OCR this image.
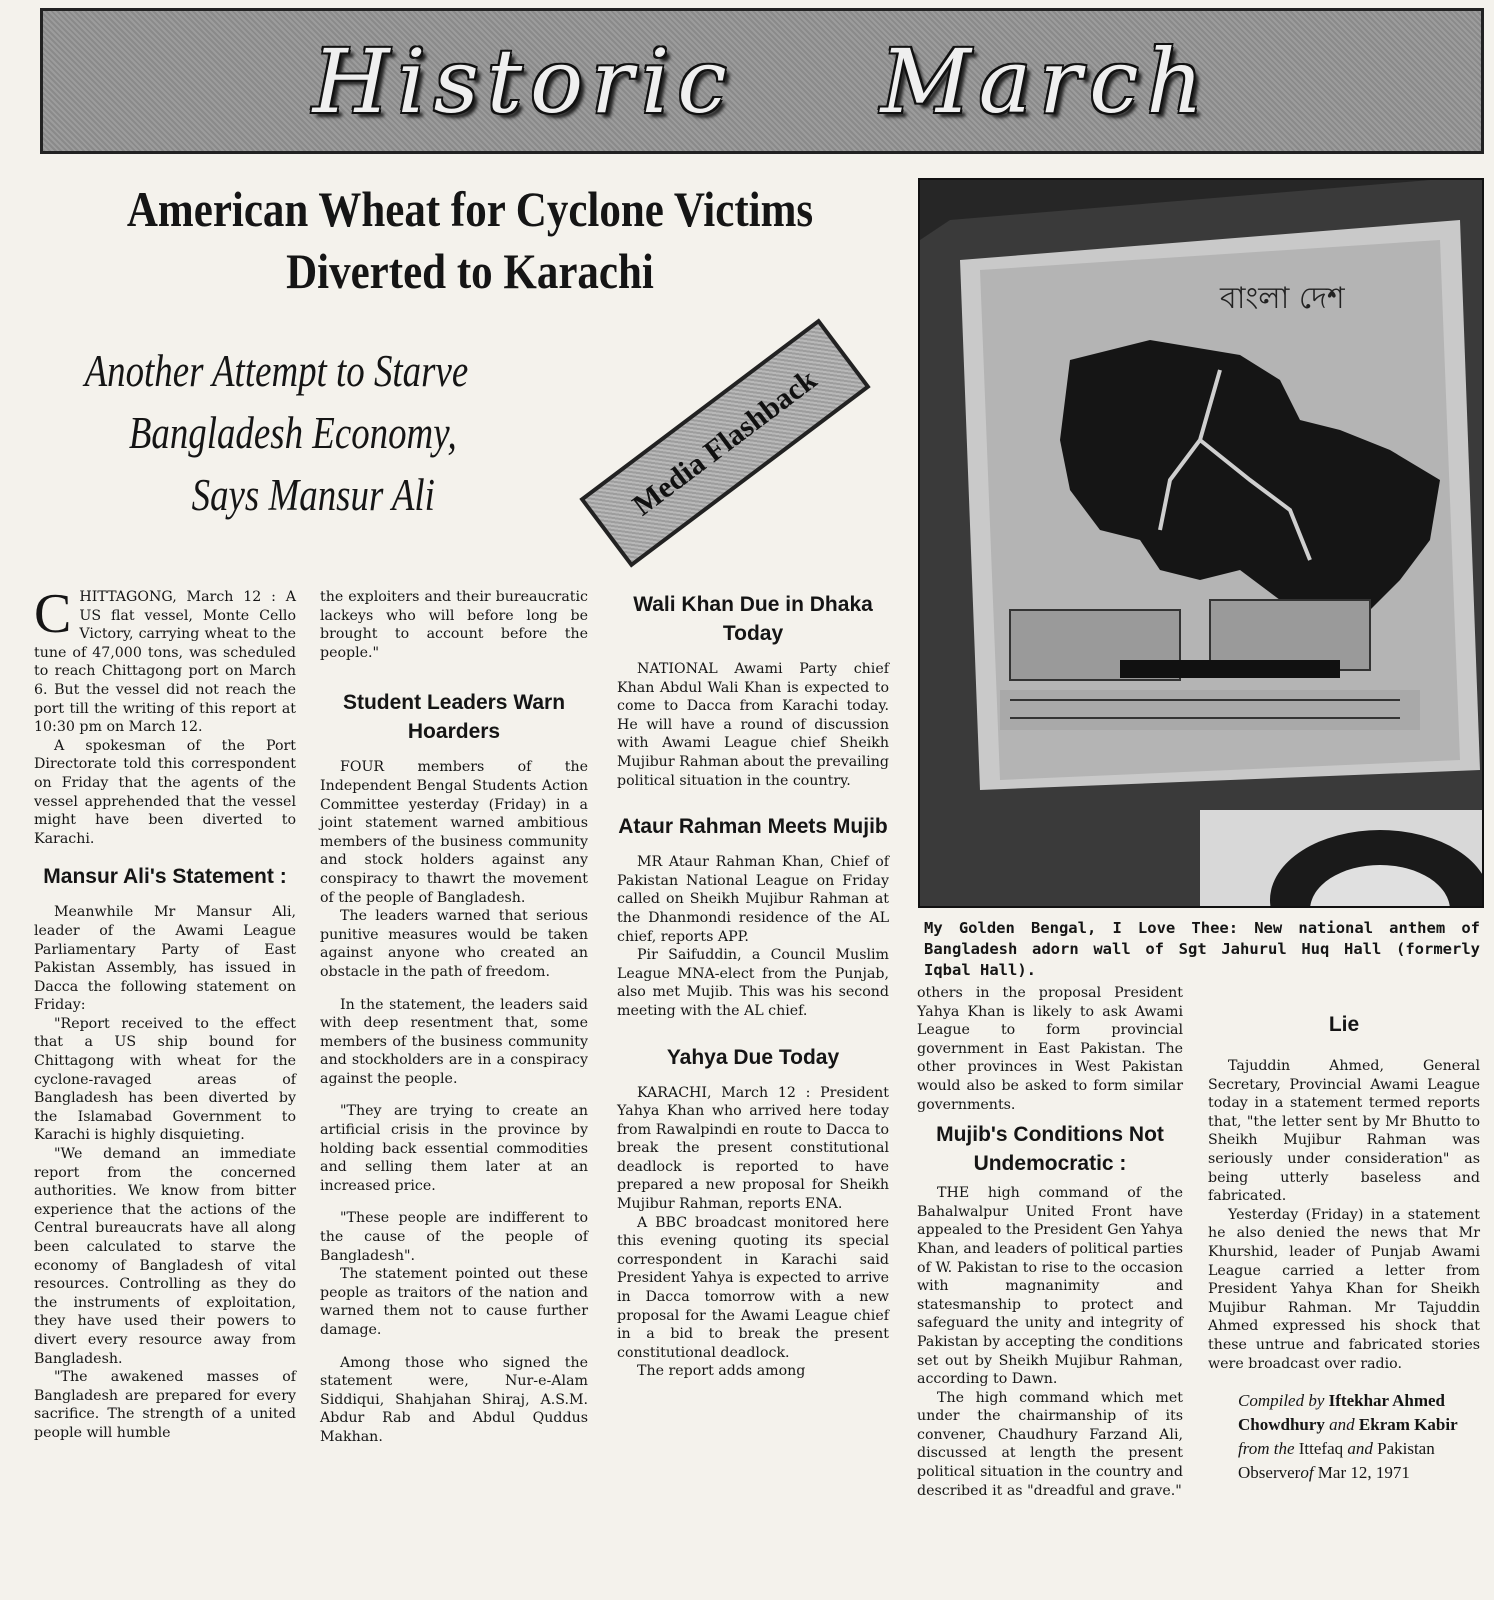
Historic March
American Wheat for Cyclone Victims
Diverted to Karachi
Another Attempt to Starve
Bangladesh Economy,
Says Mansur Ali	Media Flashback
বাংলা দেশ
My Golden Bengal, I Love Thee: New national anthem of Bangladesh adorn wall of Sgt Jahurul Huq Hall (formerly Iqbal Hall).

CHITTAGONG, March 12 : A US flat vessel, Monte Cello Victory, carrying wheat to the tune of 47,000 tons, was scheduled to reach Chittagong port on March 6. But the vessel did not reach the port till the writing of this report at 10:30 pm on March 12.

A spokesman of the Port Directorate told this correspondent on Friday that the agents of the vessel apprehended that the vessel might have been diverted to Karachi.

Mansur Ali's Statement :

Meanwhile Mr Mansur Ali, leader of the Awami League Parliamentary Party of East Pakistan Assembly, has issued in Dacca the following statement on Friday:

"Report received to the effect that a US ship bound for Chittagong with wheat for the cyclone-ravaged areas of Bangladesh has been diverted by the Islamabad Government to Karachi is highly disquieting.

"We demand an immediate report from the concerned authorities. We know from bitter experience that the actions of the Central bureaucrats have all along been calculated to starve the economy of Bangladesh of vital resources. Controlling as they do the instruments of exploitation, they have used their powers to divert every resource away from Bangladesh.

"The awakened masses of Bangladesh are prepared for every sacrifice. The strength of a united people will humble

the exploiters and their bureaucratic lackeys who will before long be brought to account before the people."

Student Leaders Warn Hoarders

FOUR members of the Independent Bengal Students Action Committee yesterday (Friday) in a joint statement warned ambitious members of the business community and stock holders against any conspiracy to thawrt the movement of the people of Bangladesh.

The leaders warned that serious punitive measures would be taken against anyone who created an obstacle in the path of freedom.

In the statement, the leaders said with deep resentment that, some members of the business community and stockholders are in a conspiracy against the people.

"They are trying to create an artificial crisis in the province by holding back essential commodities and selling them later at an increased price.

"These people are indifferent to the cause of the people of Bangladesh".

The statement pointed out these people as traitors of the nation and warned them not to cause further damage.

Among those who signed the statement were, Nur-e-Alam Siddiqui, Shahjahan Shiraj, A.S.M. Abdur Rab and Abdul Quddus Makhan.

Wali Khan Due in Dhaka Today

NATIONAL Awami Party chief Khan Abdul Wali Khan is expected to come to Dacca from Karachi today. He will have a round of discussion with Awami League chief Sheikh Mujibur Rahman about the prevailing political situation in the country.

Ataur Rahman Meets Mujib

MR Ataur Rahman Khan, Chief of Pakistan National League on Friday called on Sheikh Mujibur Rahman at the Dhanmondi residence of the AL chief, reports APP.

Pir Saifuddin, a Council Muslim League MNA-elect from the Punjab, also met Mujib. This was his second meeting with the AL chief.

Yahya Due Today

KARACHI, March 12 : President Yahya Khan who arrived here today from Rawalpindi en route to Dacca to break the present constitutional deadlock is reported to have prepared a new proposal for Sheikh Mujibur Rahman, reports ENA.

A BBC broadcast monitored here this evening quoting its special correspondent in Karachi said President Yahya is expected to arrive in Dacca tomorrow with a new proposal for the Awami League chief in a bid to break the present constitutional deadlock.

The report adds among

others in the proposal President Yahya Khan is likely to ask Awami League to form provincial government in East Pakistan. The other provinces in West Pakistan would also be asked to form similar governments.

Mujib's Conditions Not Undemocratic :

THE high command of the Bahalwalpur United Front have appealed to the President Gen Yahya Khan, and leaders of political parties of W. Pakistan to rise to the occasion with magnanimity and statesmanship to protect and safeguard the unity and integrity of Pakistan by accepting the conditions set out by Sheikh Mujibur Rahman, according to Dawn.

The high command which met under the chairmanship of its convener, Chaudhury Farzand Ali, discussed at length the present political situation in the country and described it as "dreadful and grave."

Lie

Tajuddin Ahmed, General Secretary, Provincial Awami League today in a statement termed reports that, "the letter sent by Mr Bhutto to Sheikh Mujibur Rahman was seriously under consideration" as being utterly baseless and fabricated.

Yesterday (Friday) in a statement he also denied the news that Mr Khurshid, leader of Punjab Awami League carried a letter from President Yahya Khan for Sheikh Mujibur Rahman. Mr Tajuddin Ahmed expressed his shock that these untrue and fabricated stories were broadcast over radio.

Compiled by Iftekhar Ahmed Chowdhury and Ekram Kabir from the Ittefaq and Pakistan Observerof Mar 12, 1971
